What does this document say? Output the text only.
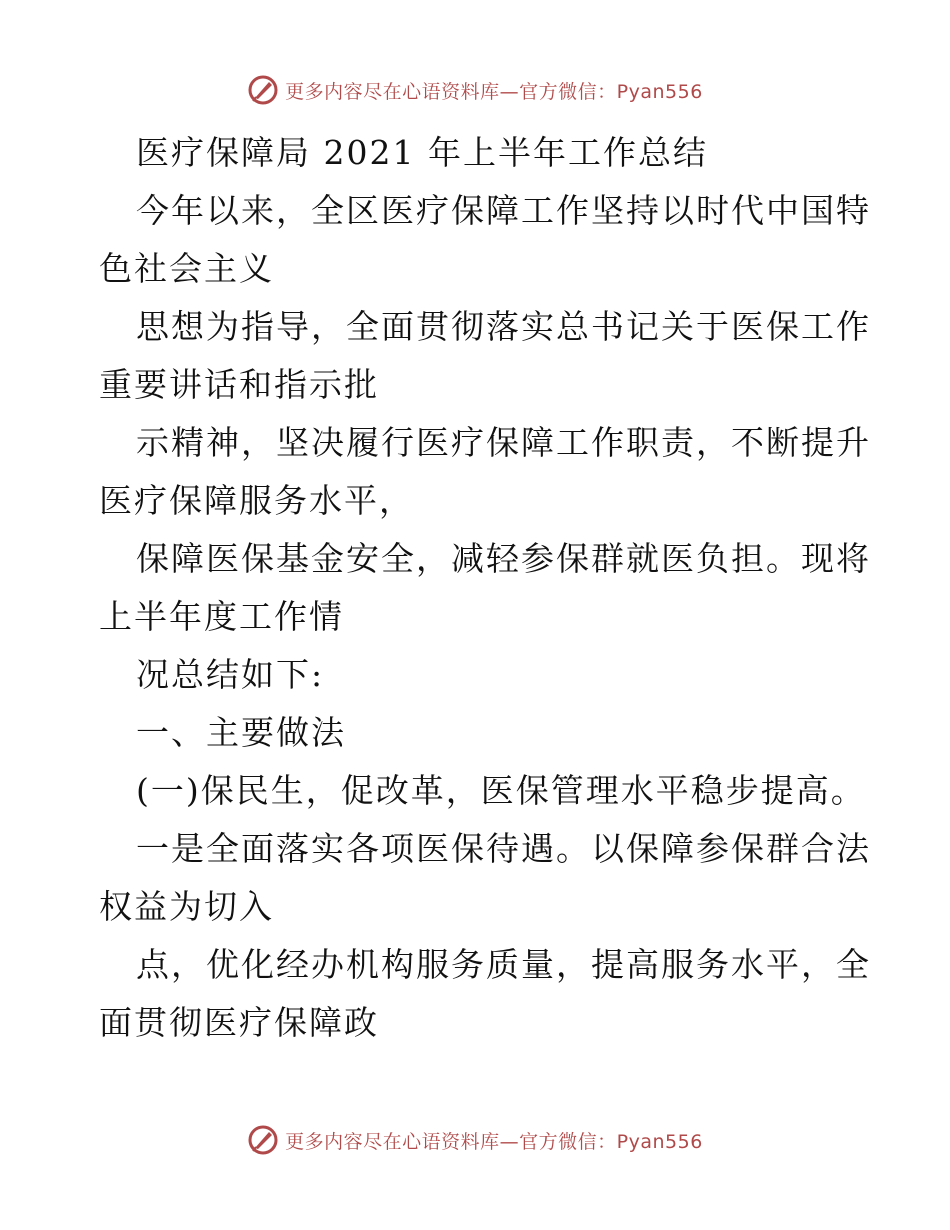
更多内容尽在心语资料库—官方微信：Pyan556
医疗保障局 2021 年上半年工作总结
今年以来，全区医疗保障工作坚持以时代中国特
色社会主义
思想为指导，全面贯彻落实总书记关于医保工作
重要讲话和指示批
示精神，坚决履行医疗保障工作职责，不断提升
医疗保障服务水平，
保障医保基金安全，减轻参保群就医负担。现将
上半年度工作情
况总结如下:
一、主要做法
(一)保民生，促改革，医保管理水平稳步提高。
一是全面落实各项医保待遇。以保障参保群合法
权益为切入
点，优化经办机构服务质量，提高服务水平，全
面贯彻医疗保障政
更多内容尽在心语资料库—官方微信：Pyan556
